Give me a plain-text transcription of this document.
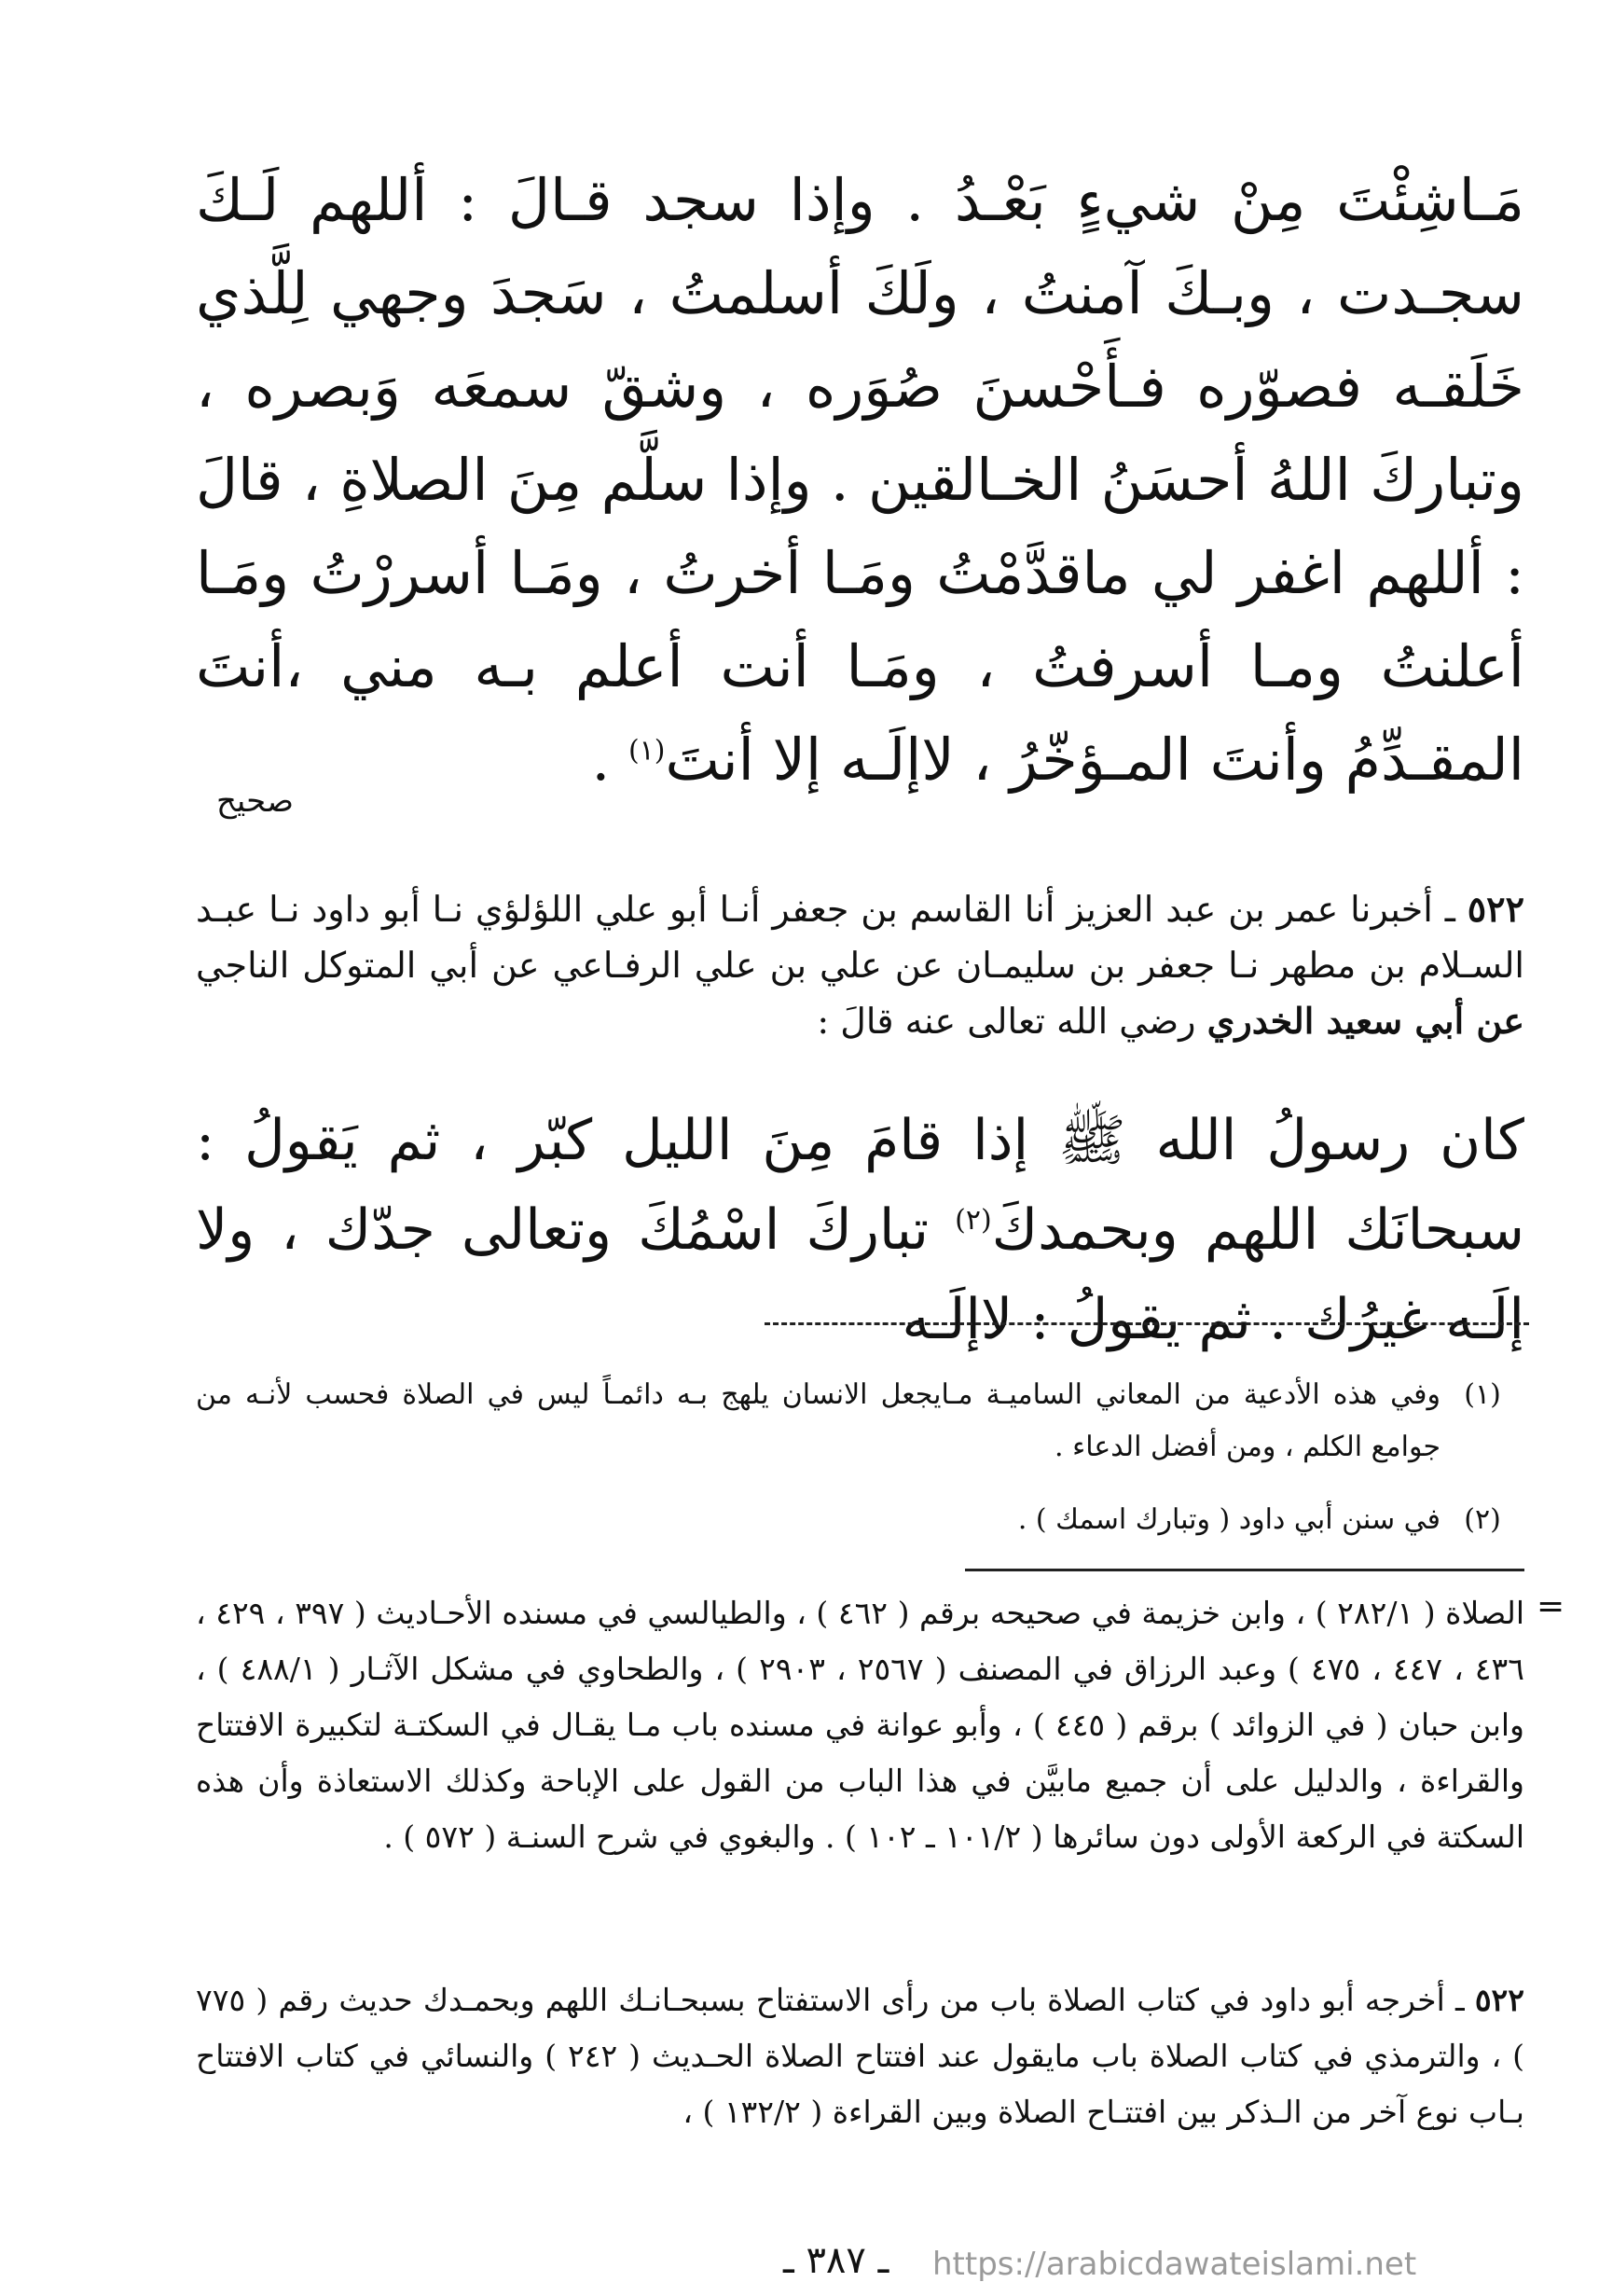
مَـاشِئْتَ مِنْ شيءٍ بَعْـدُ . وإذا سجد قـالَ : أللهم لَـكَ سجـدت ، وبـكَ آمنتُ ، ولَكَ أسلمتُ ، سَجدَ وجهي لِلَّذي خَلَقـه فصوّره فـأَحْسنَ صُوَره ، وشقّ سمعَه وَبصره ، وتباركَ اللهُ أحسَنُ الخـالقين . وإذا سلَّم مِنَ الصلاةِ ، قالَ : أللهم اغفر لي ماقدَّمْتُ ومَـا أخرتُ ، ومَـا أسررْتُ ومَـا أعلنتُ ومـا أسرفتُ ، ومَـا أنت أعلم بـه مني ،أنتَ المقـدِّمُ وأنتَ المـؤخّرُ ، لاإلَـه إلا أنتَ$^{(١)}$ .
صحيح
٥٢٢ ـ أخبرنا عمر بن عبد العزيز أنا القاسم بن جعفر أنـا أبو علي اللؤلؤي نـا أبو داود نـا عبـد السـلام بن مطهر نـا جعفر بن سليمـان عن علي بن علي الرفـاعي عن أبي المتوكل الناجي عن أبي سعيد الخدري رضي الله تعالى عنه قالَ :
كان رسولُ الله ﷺ إذا قامَ مِنَ الليل كبّر ، ثم يَقولُ : سبحانَك اللهم وبحمدكَ$^{(٢)}$ تباركَ اسْمُكَ وتعالى جدّك ، ولا إلَـه غيرُك . ثم يقولُ : لاإلَـه
(١)
وفي هذه الأدعية من المعاني الساميـة مـايجعل الانسان يلهج بـه دائمـاً ليس في الصلاة فحسب لأنـه من جوامع الكلم ، ومن أفضل الدعاء .
(٢)
في سنن أبي داود ( وتبارك اسمك ) .
=
الصلاة ( ٢٨٢/١ ) ، وابن خزيمة في صحيحه برقم ( ٤٦٢ ) ، والطيالسي في مسنده الأحـاديث ( ٣٩٧ ، ٤٢٩ ، ٤٣٦ ، ٤٤٧ ، ٤٧٥ ) وعبد الرزاق في المصنف ( ٢٥٦٧ ، ٢٩٠٣ ) ، والطحاوي في مشكل الآثـار ( ٤٨٨/١ ) ، وابن حبان ( في الزوائد ) برقم ( ٤٤٥ ) ، وأبو عوانة في مسنده باب مـا يقـال في السكتـة لتكبيرة الافتتاح والقراءة ، والدليل على أن جميع مابيَّن في هذا الباب من القول على الإباحة وكذلك الاستعاذة وأن هذه السكتة في الركعة الأولى دون سائرها ( ١٠١/٢ ـ ١٠٢ ) . والبغوي في شرح السنـة ( ٥٧٢ ) .
٥٢٢ ـ أخرجه أبو داود في كتاب الصلاة باب من رأى الاستفتاح بسبحـانـك اللهم وبحمـدك حديث رقم ( ٧٧٥ ) ، والترمذي في كتاب الصلاة باب مايقول عند افتتاح الصلاة الحـديث ( ٢٤٢ ) والنسائي في كتاب الافتتاح بـاب نوع آخر من الـذكر بين افتتـاح الصلاة وبين القراءة ( ١٣٢/٢ ) ،
ـ ٣٨٧ ـ https://arabicdawateislami.net
